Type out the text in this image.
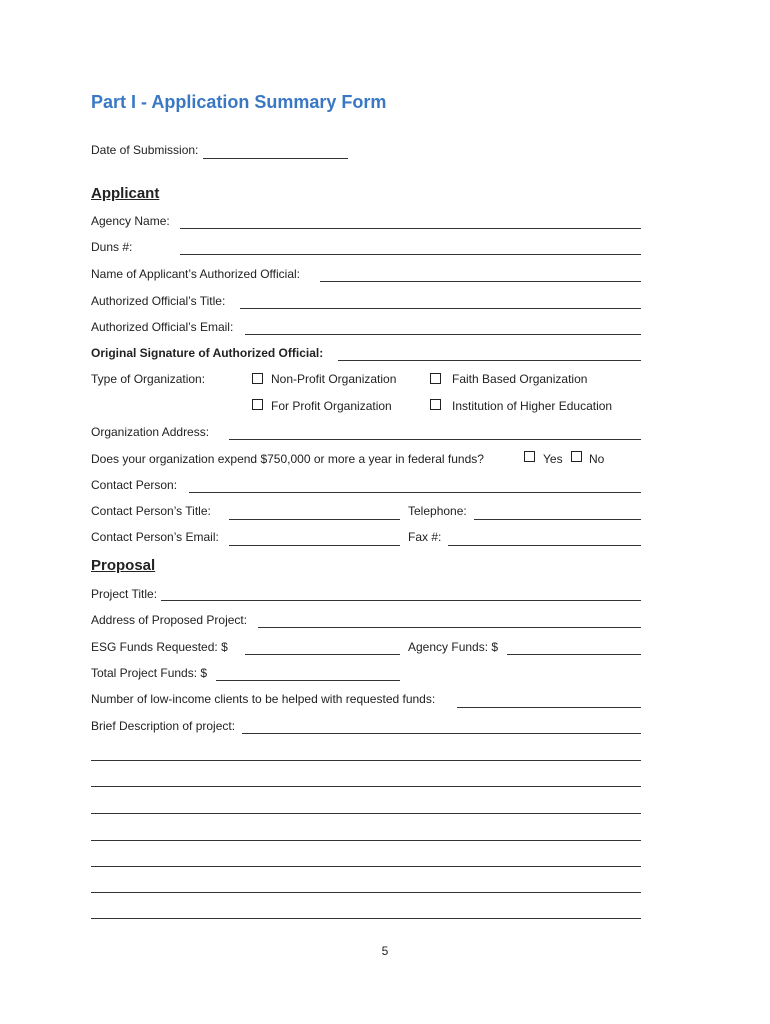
Part I - Application Summary Form
Date of Submission:
Applicant
Agency Name:
Duns #:
Name of Applicant’s Authorized Official:
Authorized Official’s Title:
Authorized Official’s Email:
Original Signature of Authorized Official:
Type of Organization:	Non-Profit Organization	Faith Based Organization
For Profit Organization	Institution of Higher Education
Organization Address:
Does your organization expend $750,000 or more a year in federal funds?	Yes No
Contact Person:
Contact Person’s Title:	Telephone:
Contact Person’s Email:	Fax #:
Proposal
Project Title:
Address of Proposed Project:
ESG Funds Requested: $	Agency Funds: $
Total Project Funds: $
Number of low-income clients to be helped with requested funds:
Brief Description of project:
5
